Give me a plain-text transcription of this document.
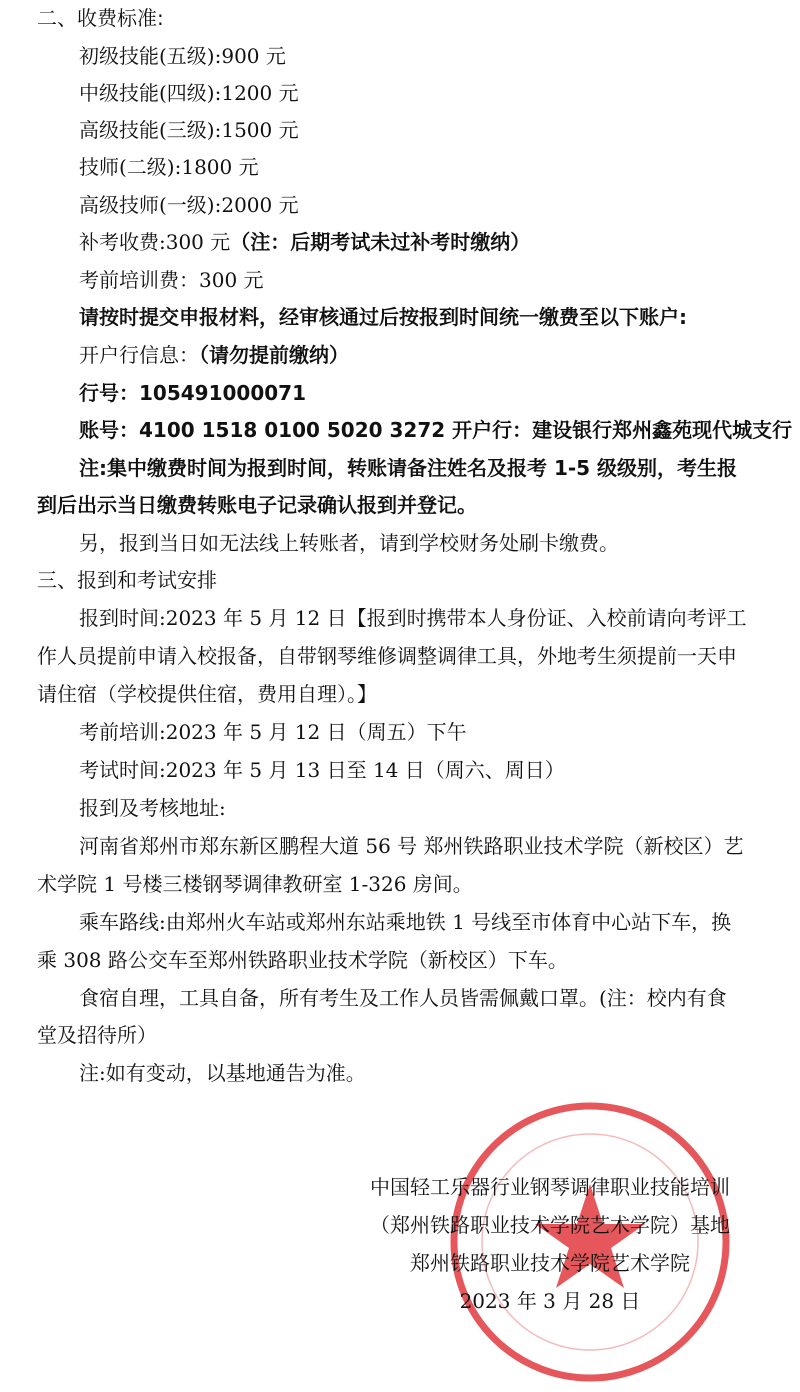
二、收费标准:
初级技能(五级):900 元
中级技能(四级):1200 元
高级技能(三级):1500 元
技师(二级):1800 元
高级技师(一级):2000 元
补考收费:300 元（注：后期考试未过补考时缴纳）
考前培训费：300 元
请按时提交申报材料，经审核通过后按报到时间统一缴费至以下账户:
开户行信息：（请勿提前缴纳）
行号：105491000071
账号：4100 1518 0100 5020 3272 开户行：建设银行郑州鑫苑现代城支行
注:集中缴费时间为报到时间，转账请备注姓名及报考 1-5 级级别，考生报
到后出示当日缴费转账电子记录确认报到并登记。
另，报到当日如无法线上转账者，请到学校财务处刷卡缴费。
三、报到和考试安排
报到时间:2023 年 5 月 12 日【报到时携带本人身份证、入校前请向考评工
作人员提前申请入校报备，自带钢琴维修调整调律工具，外地考生须提前一天申
请住宿（学校提供住宿，费用自理）。】
考前培训:2023 年 5 月 12 日（周五）下午
考试时间:2023 年 5 月 13 日至 14 日（周六、周日）
报到及考核地址:
河南省郑州市郑东新区鹏程大道 56 号 郑州铁路职业技术学院（新校区）艺
术学院 1 号楼三楼钢琴调律教研室 1-326 房间。
乘车路线:由郑州火车站或郑州东站乘地铁 1 号线至市体育中心站下车，换
乘 308 路公交车至郑州铁路职业技术学院（新校区）下车。
食宿自理，工具自备，所有考生及工作人员皆需佩戴口罩。(注：校内有食
堂及招待所）
注:如有变动，以基地通告为准。
中国轻工乐器行业钢琴调律职业技能培训
（郑州铁路职业技术学院艺术学院）基地
郑州铁路职业技术学院艺术学院
2023 年 3 月 28 日
